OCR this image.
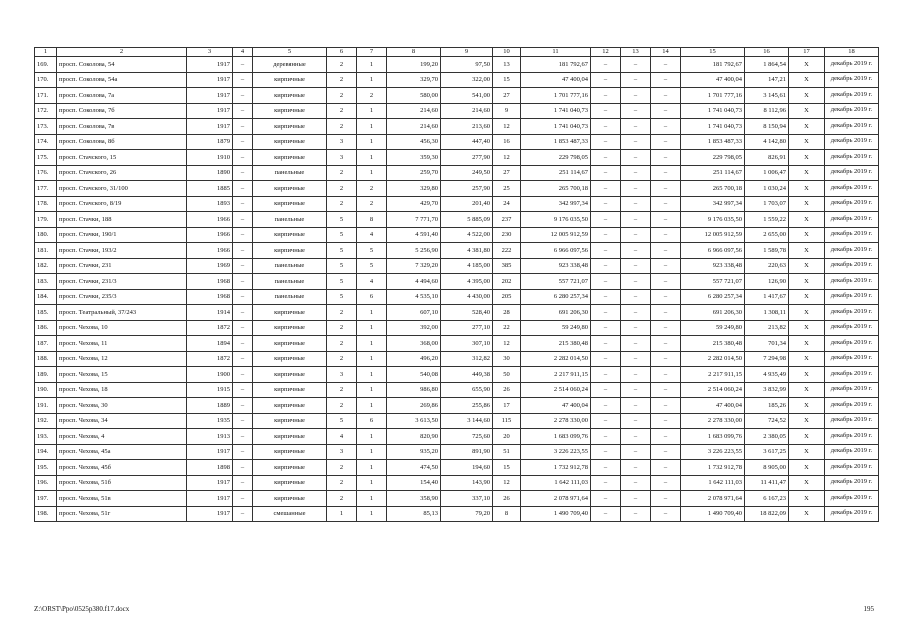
1	2	3	4	5	6	7	8	9	10	11	12	13	14	15	16	17	18
169.	просп. Соколова, 54	1917	–	деревянные	2	1	199,20	97,50	13	181 792,67	–	–	–	181 792,67	1 864,54	X	декабрь 2019 г.
170.	просп. Соколова, 54а	1917	–	кирпичные	2	1	329,70	322,00	15	47 400,04	–	–	–	47 400,04	147,21	X	декабрь 2019 г.
171.	просп. Соколова, 7а	1917	–	кирпичные	2	2	580,00	541,00	27	1 701 777,16	–	–	–	1 701 777,16	3 145,61	X	декабрь 2019 г.
172.	просп. Соколова, 7б	1917	–	кирпичные	2	1	214,60	214,60	9	1 741 040,73	–	–	–	1 741 040,73	8 112,96	X	декабрь 2019 г.
173.	просп. Соколова, 7в	1917	–	кирпичные	2	1	214,60	213,60	12	1 741 040,73	–	–	–	1 741 040,73	8 150,94	X	декабрь 2019 г.
174.	просп. Соколова, 8б	1879	–	кирпичные	3	1	456,30	447,40	16	1 853 487,33	–	–	–	1 853 487,33	4 142,80	X	декабрь 2019 г.
175.	просп. Стачского, 15	1910	–	кирпичные	3	1	359,30	277,90	12	229 798,05	–	–	–	229 798,05	826,91	X	декабрь 2019 г.
176.	просп. Стачского, 26	1890	–	панельные	2	1	259,70	249,50	27	251 114,67	–	–	–	251 114,67	1 006,47	X	декабрь 2019 г.
177.	просп. Стачского, 31/100	1885	–	кирпичные	2	2	329,80	257,90	25	265 700,18	–	–	–	265 700,18	1 030,24	X	декабрь 2019 г.
178.	просп. Стачского, 8/19	1893	–	кирпичные	2	2	429,70	201,40	24	342 997,34	–	–	–	342 997,34	1 703,07	X	декабрь 2019 г.
179.	просп. Стачки, 188	1966	–	панельные	5	8	7 771,70	5 885,09	237	9 176 035,50	–	–	–	9 176 035,50	1 559,22	X	декабрь 2019 г.
180.	просп. Стачки, 190/1	1966	–	кирпичные	5	4	4 591,40	4 522,00	230	12 005 912,59	–	–	–	12 005 912,59	2 655,00	X	декабрь 2019 г.
181.	просп. Стачки, 193/2	1966	–	кирпичные	5	5	5 256,90	4 381,80	222	6 966 097,56	–	–	–	6 966 097,56	1 589,78	X	декабрь 2019 г.
182.	просп. Стачки, 231	1969	–	панельные	5	5	7 329,20	4 185,00	385	923 338,48	–	–	–	923 338,48	220,63	X	декабрь 2019 г.
183.	просп. Стачки, 231/3	1968	–	панельные	5	4	4 494,60	4 395,00	202	557 721,07	–	–	–	557 721,07	126,90	X	декабрь 2019 г.
184.	просп. Стачки, 235/3	1968	–	панельные	5	6	4 535,10	4 430,00	205	6 280 257,34	–	–	–	6 280 257,34	1 417,67	X	декабрь 2019 г.
185.	просп. Театральный, 37/243	1914	–	кирпичные	2	1	607,10	528,40	28	691 206,30	–	–	–	691 206,30	1 308,11	X	декабрь 2019 г.
186.	просп. Чехова, 10	1872	–	кирпичные	2	1	392,00	277,10	22	59 249,80	–	–	–	59 249,80	213,82	X	декабрь 2019 г.
187.	просп. Чехова, 11	1894	–	кирпичные	2	1	368,00	307,10	12	215 380,48	–	–	–	215 380,48	701,34	X	декабрь 2019 г.
188.	просп. Чехова, 12	1872	–	кирпичные	2	1	496,20	312,82	30	2 282 014,50	–	–	–	2 282 014,50	7 294,98	X	декабрь 2019 г.
189.	просп. Чехова, 15	1900	–	кирпичные	3	1	540,08	449,38	50	2 217 911,15	–	–	–	2 217 911,15	4 935,49	X	декабрь 2019 г.
190.	просп. Чехова, 18	1915	–	кирпичные	2	1	986,80	655,90	26	2 514 060,24	–	–	–	2 514 060,24	3 832,99	X	декабрь 2019 г.
191.	просп. Чехова, 30	1889	–	кирпичные	2	1	269,86	255,86	17	47 400,04	–	–	–	47 400,04	185,26	X	декабрь 2019 г.
192.	просп. Чехова, 34	1935	–	кирпичные	5	6	3 613,50	3 144,60	115	2 278 330,00	–	–	–	2 278 330,00	724,52	X	декабрь 2019 г.
193.	просп. Чехова, 4	1913	–	кирпичные	4	1	820,90	725,60	20	1 683 099,76	–	–	–	1 683 099,76	2 380,05	X	декабрь 2019 г.
194.	просп. Чехова, 45а	1917	–	кирпичные	3	1	935,20	891,90	51	3 226 223,55	–	–	–	3 226 223,55	3 617,25	X	декабрь 2019 г.
195.	просп. Чехова, 45б	1898	–	кирпичные	2	1	474,50	194,60	15	1 732 912,78	–	–	–	1 732 912,78	8 905,00	X	декабрь 2019 г.
196.	просп. Чехова, 51б	1917	–	кирпичные	2	1	154,40	143,90	12	1 642 111,03	–	–	–	1 642 111,03	11 411,47	X	декабрь 2019 г.
197.	просп. Чехова, 51в	1917	–	кирпичные	2	1	358,90	337,10	26	2 078 971,64	–	–	–	2 078 971,64	6 167,23	X	декабрь 2019 г.
198.	просп. Чехова, 51г	1917	–	смешанные	1	1	85,13	79,20	8	1 490 709,40	–	–	–	1 490 709,40	18 822,09	X	декабрь 2019 г.
Z:\ORST\Ppo\0525p380.f17.docx	195
